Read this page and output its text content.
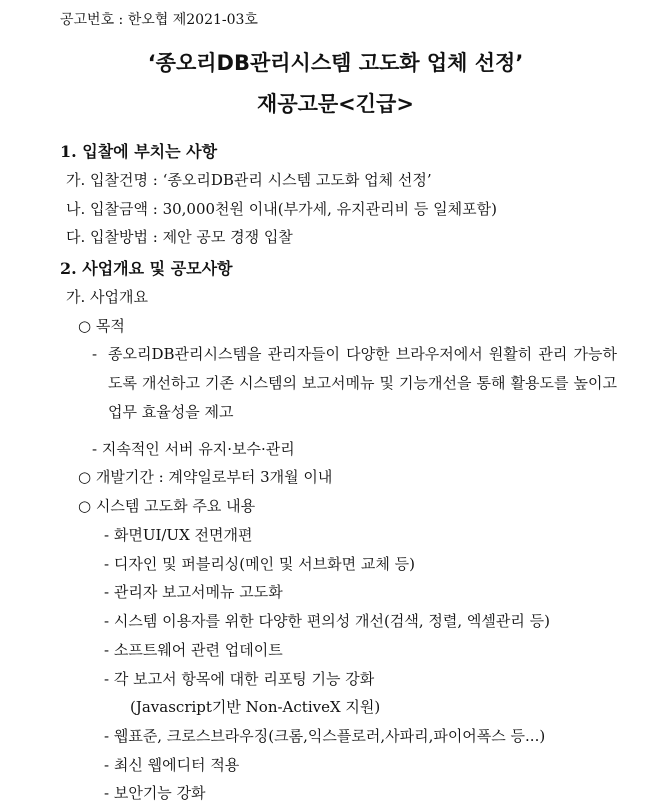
공고번호 : 한오협 제2021-03호
‘종오리DB관리시스템 고도화 업체 선정’
재공고문<긴급>
1. 입찰에 부치는 사항
가. 입찰건명 : ‘종오리DB관리 시스템 고도화 업체 선정’
나. 입찰금액 : 30,000천원 이내(부가세, 유지관리비 등 일체포함)
다. 입찰방법 : 제안 공모 경쟁 입찰
2. 사업개요 및 공모사항
가. 사업개요
○ 목적
- 종오리DB관리시스템을 관리자들이 다양한 브라우저에서 원활히 관리 가능하도록 개선하고 기존 시스템의 보고서메뉴 및 기능개선을 통해 활용도를 높이고 업무 효율성을 제고
- 지속적인 서버 유지·보수·관리
○ 개발기간 : 계약일로부터 3개월 이내
○ 시스템 고도화 주요 내용
- 화면UI/UX 전면개편
- 디자인 및 퍼블리싱(메인 및 서브화면 교체 등)
- 관리자 보고서메뉴 고도화
- 시스템 이용자를 위한 다양한 편의성 개선(검색, 정렬, 엑셀관리 등)
- 소프트웨어 관련 업데이트
- 각 보고서 항목에 대한 리포팅 기능 강화
(Javascript기반 Non-ActiveX 지원)
- 웹표준, 크로스브라우징(크롬,익스플로러,사파리,파이어폭스 등...)
- 최신 웹에디터 적용
- 보안기능 강화
